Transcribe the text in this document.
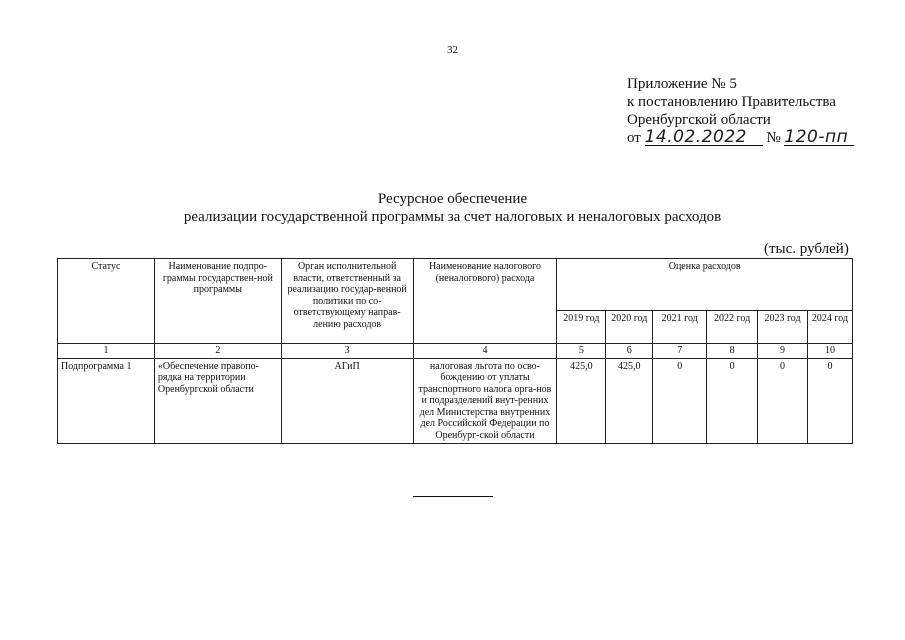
32
Приложение № 5
к постановлению Правительства
Оренбургской области
от 14.02.2022 № 120-пп
Ресурсное обеспечение
реализации государственной программы за счет налоговых и неналоговых расходов
(тыс. рублей)
Статус	Наименование подпро-граммы государствен-ной программы	Орган исполнительной власти, ответственный за реализацию государ-венной политики по со-ответствующему направ-лению расходов	Наименование налогового (неналогового) расхода	Оценка расходов					
				2019 год	2020 год	2021 год	2022 год	2023 год	2024 год
1	2	3	4	5	6	7	8	9	10
Подпрограмма 1	«Обеспечение правопо-рядка на территории Оренбургской области	АГиП	налоговая льгота по осво-бождению от уплаты транспортного налога орга-нов и подразделений внут-ренних дел Министерства внутренних дел Российской Федерации по Оренбург-ской области	425,0	425,0	0	0	0	0
